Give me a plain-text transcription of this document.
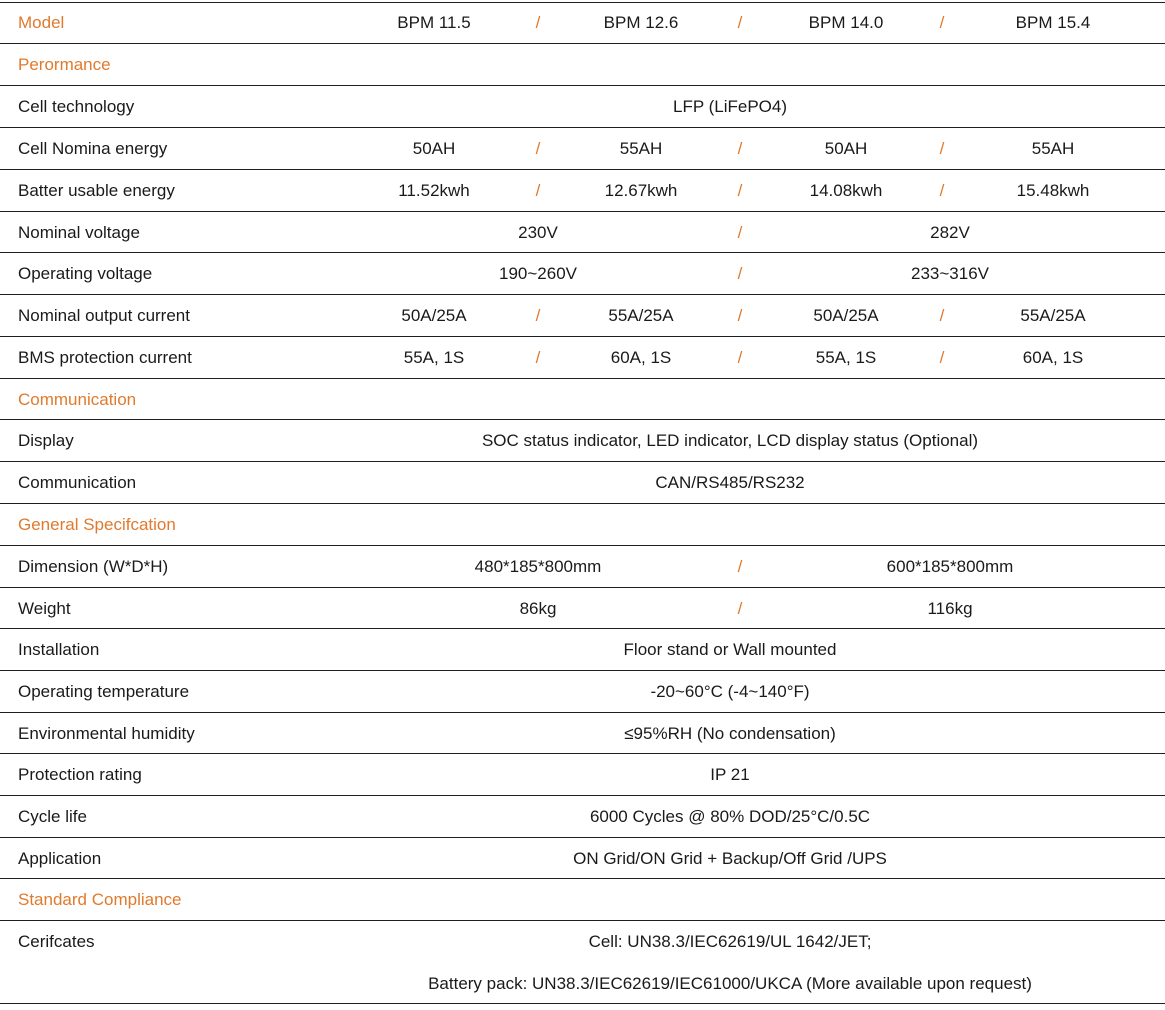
Model	BPM 11.5	/	BPM 12.6	/	BPM 14.0	/	BPM 15.4
Perormance
Cell technology	LFP (LiFePO4)
Cell Nomina energy	50AH	/	55AH	/	50AH	/	55AH
Batter usable energy	11.52kwh	/	12.67kwh	/	14.08kwh	/	15.48kwh
Nominal voltage	230V	/	282V
Operating voltage	190~260V	/	233~316V
Nominal output current	50A/25A	/	55A/25A	/	50A/25A	/	55A/25A
BMS protection current	55A, 1S	/	60A, 1S	/	55A, 1S	/	60A, 1S
Communication
Display	SOC status indicator, LED indicator, LCD display status (Optional)
Communication	CAN/RS485/RS232
General Specifcation
Dimension (W*D*H)	480*185*800mm	/	600*185*800mm
Weight	86kg	/	116kg
Installation	Floor stand or Wall mounted
Operating temperature	-20~60°C (-4~140°F)
Environmental humidity	≤95%RH (No condensation)
Protection rating	IP 21
Cycle life	6000 Cycles @ 80% DOD/25°C/0.5C
Application	ON Grid/ON Grid + Backup/Off Grid /UPS
Standard Compliance
Cerifcates	Cell: UN38.3/IEC62619/UL 1642/JET;
Battery pack: UN38.3/IEC62619/IEC61000/UKCA (More available upon request)
